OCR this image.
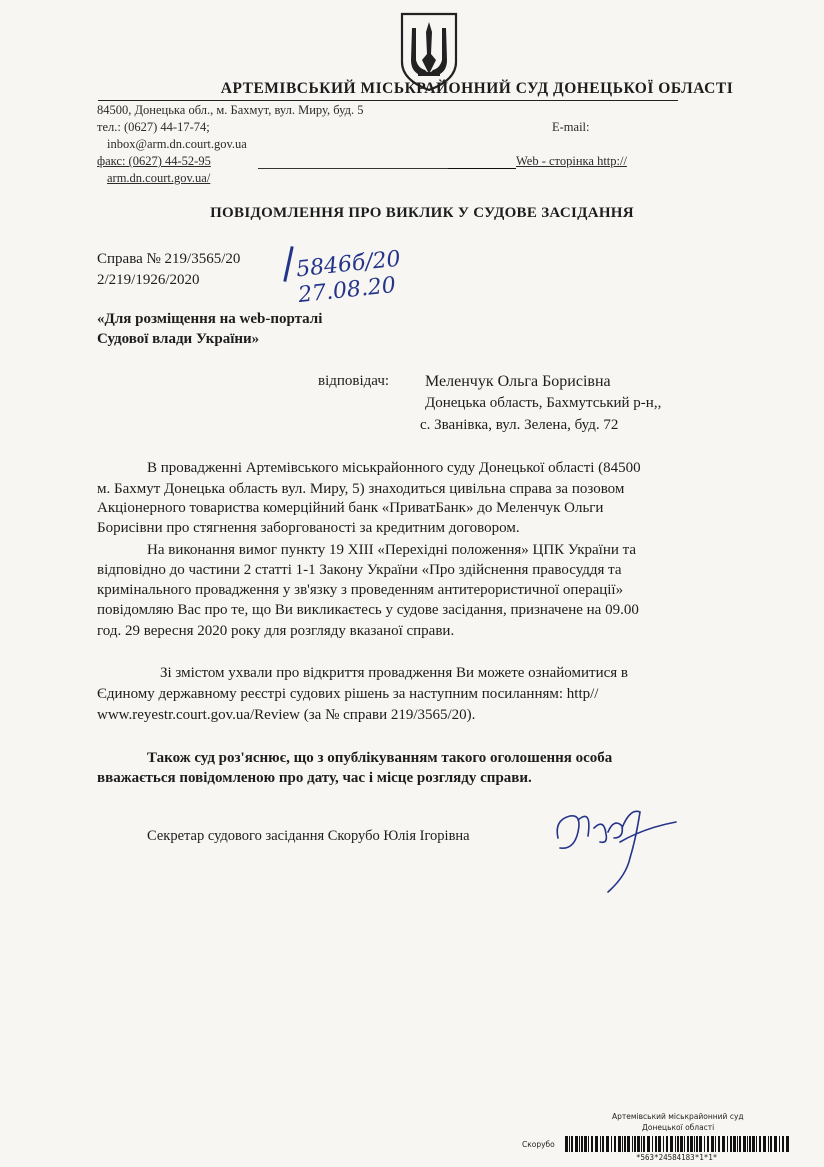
АРТЕМІВСЬКИЙ МІСЬКРАЙОННИЙ СУД ДОНЕЦЬКОЇ ОБЛАСТІ
84500, Донецька обл., м. Бахмут, вул. Миру, буд. 5
тел.: (0627) 44-17-74;	E-mail:
inbox@arm.dn.court.gov.ua
факс: (0627) 44-52-95	Web - сторінка http://
arm.dn.court.gov.ua/
ПОВІДОМЛЕННЯ ПРО ВИКЛИК У СУДОВЕ ЗАСІДАННЯ
Справа № 219/3565/20
2/219/1926/2020	5846б/20
27.08.20
«Для розміщення на web-порталі
Судової влади України»
відповідач: Меленчук Ольга Борисівна
Донецька область, Бахмутський р-н,,
с. Званівка, вул. Зелена, буд. 72
В провадженні Артемівського міськрайонного суду Донецької області (84500
м. Бахмут Донецька область вул. Миру, 5) знаходиться цивільна справа за позовом
Акціонерного товариства комерційний банк «ПриватБанк» до Меленчук Ольги
Борисівни про стягнення заборгованості за кредитним договором.
На виконання вимог пункту 19 XIII «Перехідні положення» ЦПК України та
відповідно до частини 2 статті 1-1 Закону України «Про здійснення правосуддя та
кримінального провадження у зв'язку з проведенням антитерористичної операції»
повідомляю Вас про те, що Ви викликаєтесь у судове засідання, призначене на 09.00
год. 29 вересня 2020 року для розгляду вказаної справи.
Зі змістом ухвали про відкриття провадження Ви можете ознайомитися в
Єдиному державному реєстрі судових рішень за наступним посиланням: http//
www.reyestr.court.gov.ua/Review (за № справи 219/3565/20).
Також суд роз'яснює, що з опублікуванням такого оголошення особа
вважається повідомленою про дату, час і місце розгляду справи.
Секретар судового засідання Скорубо Юлія Ігорівна
Артемівський міськрайонний суд
Донецької області
Скорубо
*563*24584183*1*1*
